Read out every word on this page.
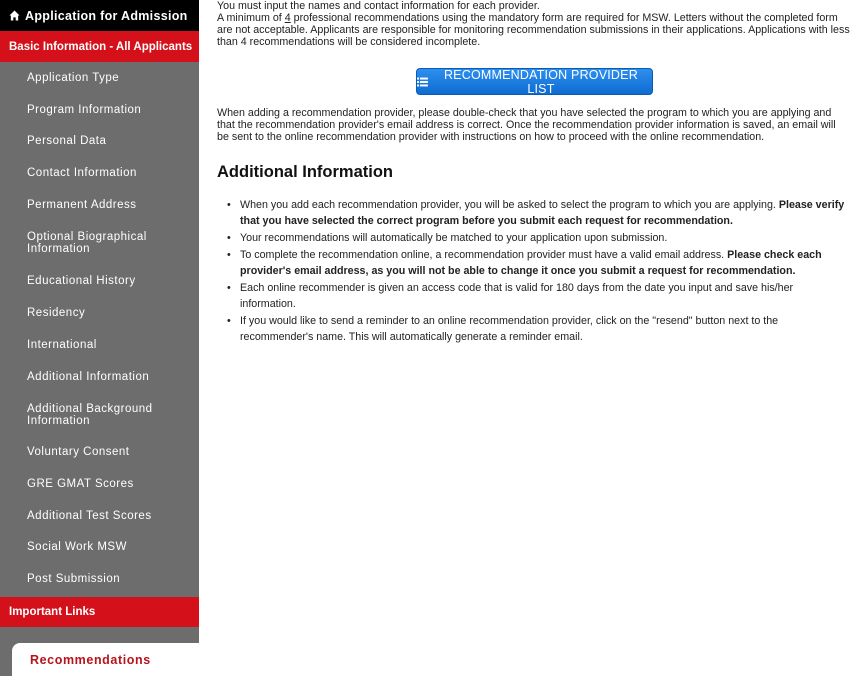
Application for Admission
Basic Information - All Applicants
Application Type
Program Information
Personal Data
Contact Information
Permanent Address
Optional Biographical Information
Educational History
Residency
International
Additional Information
Additional Background Information
Voluntary Consent
GRE GMAT Scores
Additional Test Scores
Social Work MSW
Post Submission
Important Links
Recommendations

You must input the names and contact information for each provider.

A minimum of 4 professional recommendations using the mandatory form are required for MSW. Letters without the completed form are not acceptable. Applicants are responsible for monitoring recommendation submissions in their applications. Applications with less than 4 recommendations will be considered incomplete.

RECOMMENDATION PROVIDER LIST

When adding a recommendation provider, please double-check that you have selected the program to which you are applying and that the recommendation provider's email address is correct. Once the recommendation provider information is saved, an email will be sent to the online recommendation provider with instructions on how to proceed with the online recommendation.

Additional Information
• When you add each recommendation provider, you will be asked to select the program to which you are applying. Please verify that you have selected the correct program before you submit each request for recommendation.
• Your recommendations will automatically be matched to your application upon submission.
• To complete the recommendation online, a recommendation provider must have a valid email address. Please check each provider's email address, as you will not be able to change it once you submit a request for recommendation.
• Each online recommender is given an access code that is valid for 180 days from the date you input and save his/her information.
• If you would like to send a reminder to an online recommendation provider, click on the "resend" button next to the recommender's name. This will automatically generate a reminder email.
